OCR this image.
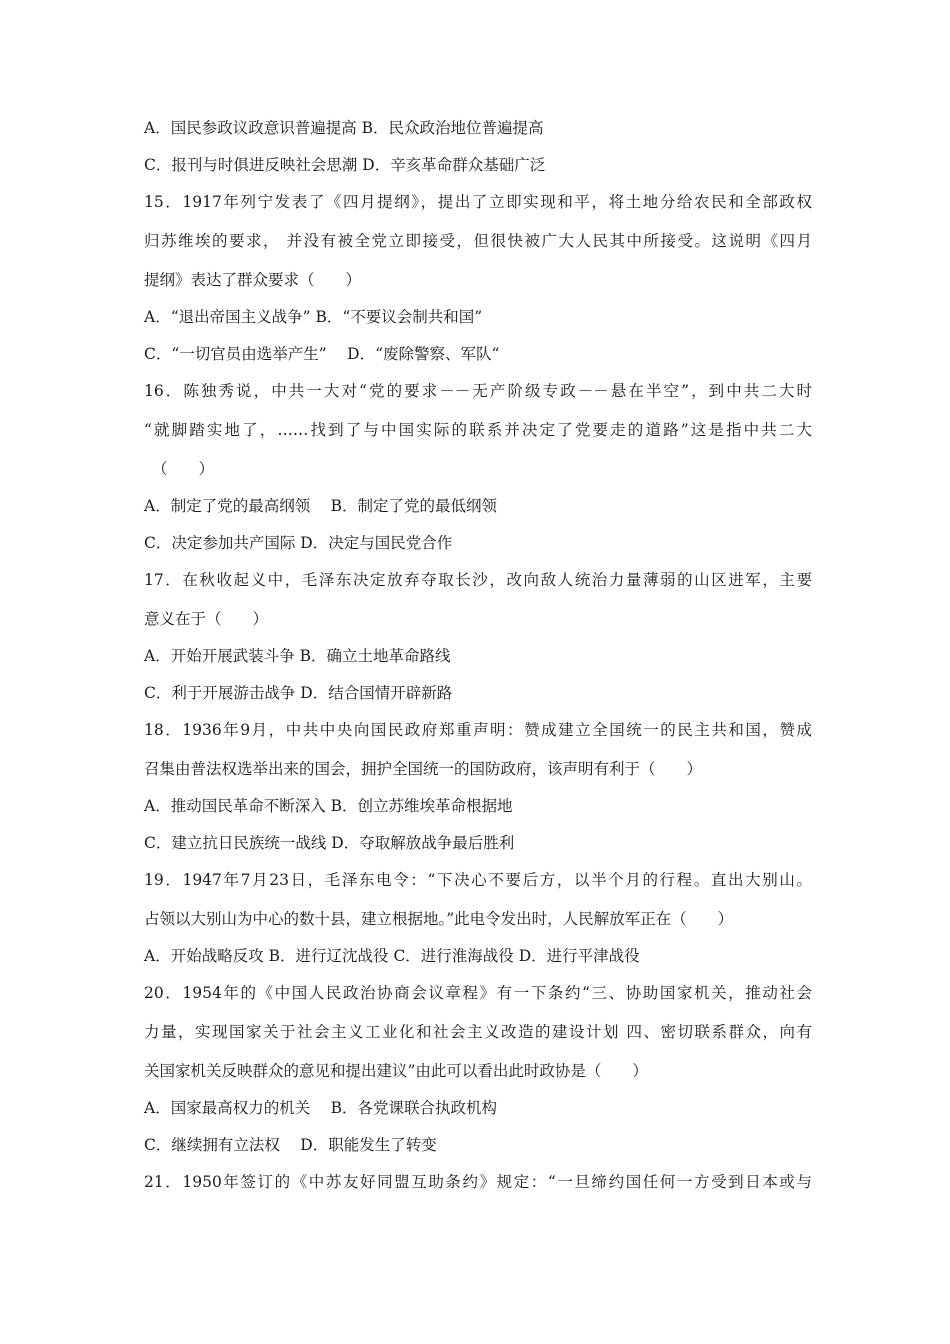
A．国民参政议政意识普遍提高 B．民众政治地位普遍提高
C．报刊与时俱进反映社会思潮 D．辛亥革命群众基础广泛
15．1917年列宁发表了《四月提纲》，提出了立即实现和平，将土地分给农民和全部政权
归苏维埃的要求， 并没有被全党立即接受，但很快被广大人民其中所接受。这说明《四月
提纲》表达了群众要求（　　）
A．“退出帝国主义战争” B．“不要议会制共和国”
C．“一切官员由选举产生”　 D．“废除警察、军队“
16．陈独秀说，中共一大对“党的要求－－无产阶级专政－－悬在半空”，到中共二大时
“就脚踏实地了，……找到了与中国实际的联系并决定了党要走的道路”这是指中共二大
（　　）
A．制定了党的最高纲领　 B．制定了党的最低纲领
C．决定参加共产国际 D．决定与国民党合作
17．在秋收起义中，毛泽东决定放弃夺取长沙，改向敌人统治力量薄弱的山区进军，主要
意义在于（　　）
A．开始开展武装斗争 B．确立土地革命路线
C．利于开展游击战争 D．结合国情开辟新路
18．1936年9月，中共中央向国民政府郑重声明：赞成建立全国统一的民主共和国，赞成
召集由普法权选举出来的国会，拥护全国统一的国防政府，该声明有利于（　　）
A．推动国民革命不断深入 B．创立苏维埃革命根据地
C．建立抗日民族统一战线 D．夺取解放战争最后胜利
19．1947年7月23日，毛泽东电令：“下决心不要后方，以半个月的行程。直出大别山。
占领以大别山为中心的数十县，建立根据地。”此电令发出时，人民解放军正在（　　）
A．开始战略反攻 B．进行辽沈战役 C．进行淮海战役 D．进行平津战役
20．1954年的《中国人民政治协商会议章程》有一下条约“三、协助国家机关，推动社会
力量，实现国家关于社会主义工业化和社会主义改造的建设计划 四、密切联系群众，向有
关国家机关反映群众的意见和提出建议”由此可以看出此时政协是（　　）
A．国家最高权力的机关　 B．各党课联合执政机构
C．继续拥有立法权　 D．职能发生了转变
21．1950年签订的《中苏友好同盟互助条约》规定：“一旦缔约国任何一方受到日本或与
